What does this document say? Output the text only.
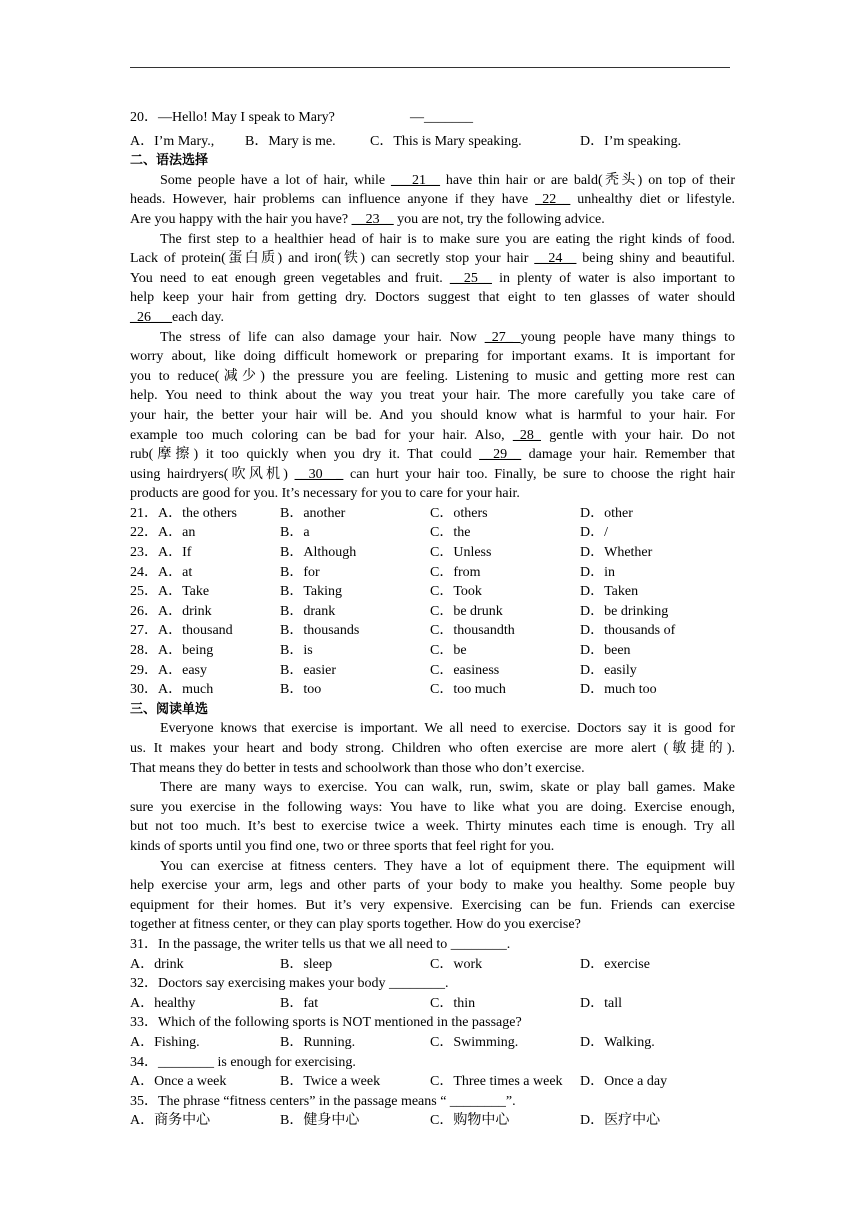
20．—Hello! May I speak to Mary?	—_______
A．I’m Mary., B．Mary is me. C．This is Mary speaking.	D．I’m speaking.
二、语法选择
Some people have a lot of hair, while ___21__ have thin hair or are bald(秃头) on top of their
heads. However, hair problems can influence anyone if they have _22__ unhealthy diet or lifestyle.
Are you happy with the hair you have? __23__ you are not, try the following advice.
The first step to a healthier head of hair is to make sure you are eating the right kinds of food.
Lack of protein(蛋白质) and iron(铁) can secretly stop your hair __24__ being shiny and beautiful.
You need to eat enough green vegetables and fruit. __25__ in plenty of water is also important to
help keep your hair from getting dry. Doctors suggest that eight to ten glasses of water should
_26___each day.
The stress of life can also damage your hair. Now _27_ young people have many things to
worry about, like doing difficult homework or preparing for important exams. It is important for
you to reduce(减少) the pressure you are feeling. Listening to music and getting more rest can
help. You need to think about the way you treat your hair. The more carefully you take care of
your hair, the better your hair will be. And you should know what is harmful to your hair. For
example too much coloring can be bad for your hair. Also, _28_ gentle with your hair. Do not
rub(摩擦) it too quickly when you dry it. That could __29__ damage your hair. Remember that
using hairdryers(吹风机) __30_ _ can hurt your hair too. Finally, be sure to choose the right hair
products are good for you. It’s necessary for you to care for your hair.
21．A．the others	B．another	C．others	D．other
22．A．an	B．a	C．the	D．/
23．A．If	B．Although	C．Unless	D．Whether
24．A．at	B．for	C．from	D．in
25．A．Take	B．Taking	C．Took	D．Taken
26．A．drink	B．drank	C．be drunk	D．be drinking
27．A．thousand	B．thousands	C．thousandth	D．thousands of
28．A．being	B．is	C．be	D．been
29．A．easy	B．easier	C．easiness	D．easily
30．A．much	B．too	C．too much	D．much too
三、阅读单选
Everyone knows that exercise is important. We all need to exercise. Doctors say it is good for
us. It makes your heart and body strong. Children who often exercise are more alert (敏捷的).
That means they do better in tests and schoolwork than those who don’t exercise.
There are many ways to exercise. You can walk, run, swim, skate or play ball games. Make
sure you exercise in the following ways: You have to like what you are doing. Exercise enough,
but not too much. It’s best to exercise twice a week. Thirty minutes each time is enough. Try all
kinds of sports until you find one, two or three sports that feel right for you.
You can exercise at fitness centers. They have a lot of equipment there. The equipment will
help exercise your arm, legs and other parts of your body to make you healthy. Some people buy
equipment for their homes. But it’s very expensive. Exercising can be fun. Friends can exercise
together at fitness center, or they can play sports together. How do you exercise?
31．In the passage, the writer tells us that we all need to ________.
A．drink	B．sleep	C．work	D．exercise
32．Doctors say exercising makes your body ________.
A．healthy	B．fat	C．thin	D．tall
33．Which of the following sports is NOT mentioned in the passage?
A．Fishing.	B．Running.	C．Swimming.	D．Walking.
34．________ is enough for exercising.
A．Once a week	B．Twice a week	C．Three times a week D．Once a day
35．The phrase “fitness centers” in the passage means “ ________”.
A．商务中心	B．健身中心	C．购物中心	D．医疗中心
